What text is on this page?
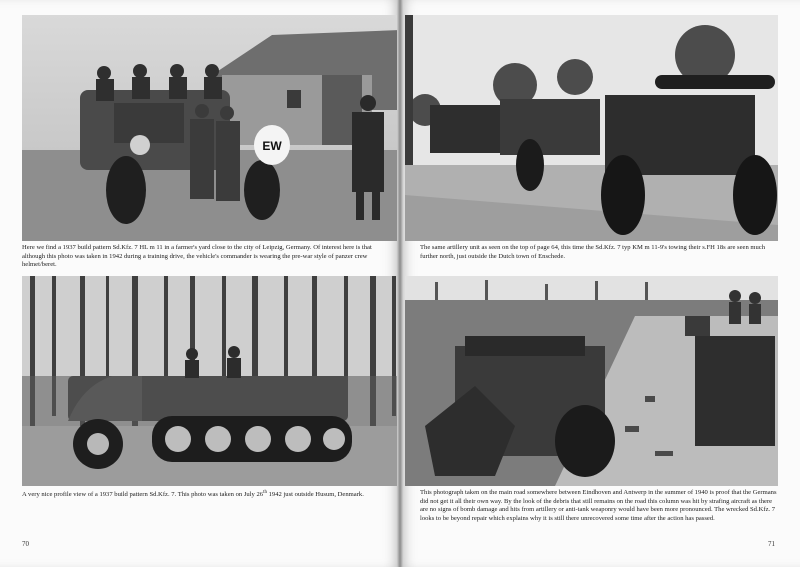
EW
Here we find a 1937 build pattern Sd.Kfz. 7 HL m 11 in a farmer's yard close to the city of Leipzig, Germany. Of interest here is that although this photo was taken in 1942 during a training drive, the vehicle's commander is wearing the pre-war style of panzer crew helmet/beret.
A very nice profile view of a 1937 build pattern Sd.Kfz. 7. This photo was taken on July 26th 1942 just outside Husum, Denmark.
70
The same artillery unit as seen on the top of page 64, this time the Sd.Kfz. 7 typ KM m 11-9's towing their s.FH 18s are seen much further north, just outside the Dutch town of Enschede.
This photograph taken on the main road somewhere between Eindhoven and Antwerp in the summer of 1940 is proof that the Germans did not get it all their own way. By the look of the debris that still remains on the road this column was hit by strafing aircraft as there are no signs of bomb damage and hits from artillery or anti-tank weaponry would have been more pronounced. The wrecked Sd.Kfz. 7 looks to be beyond repair which explains why it is still there unrecovered some time after the action has passed.
71
